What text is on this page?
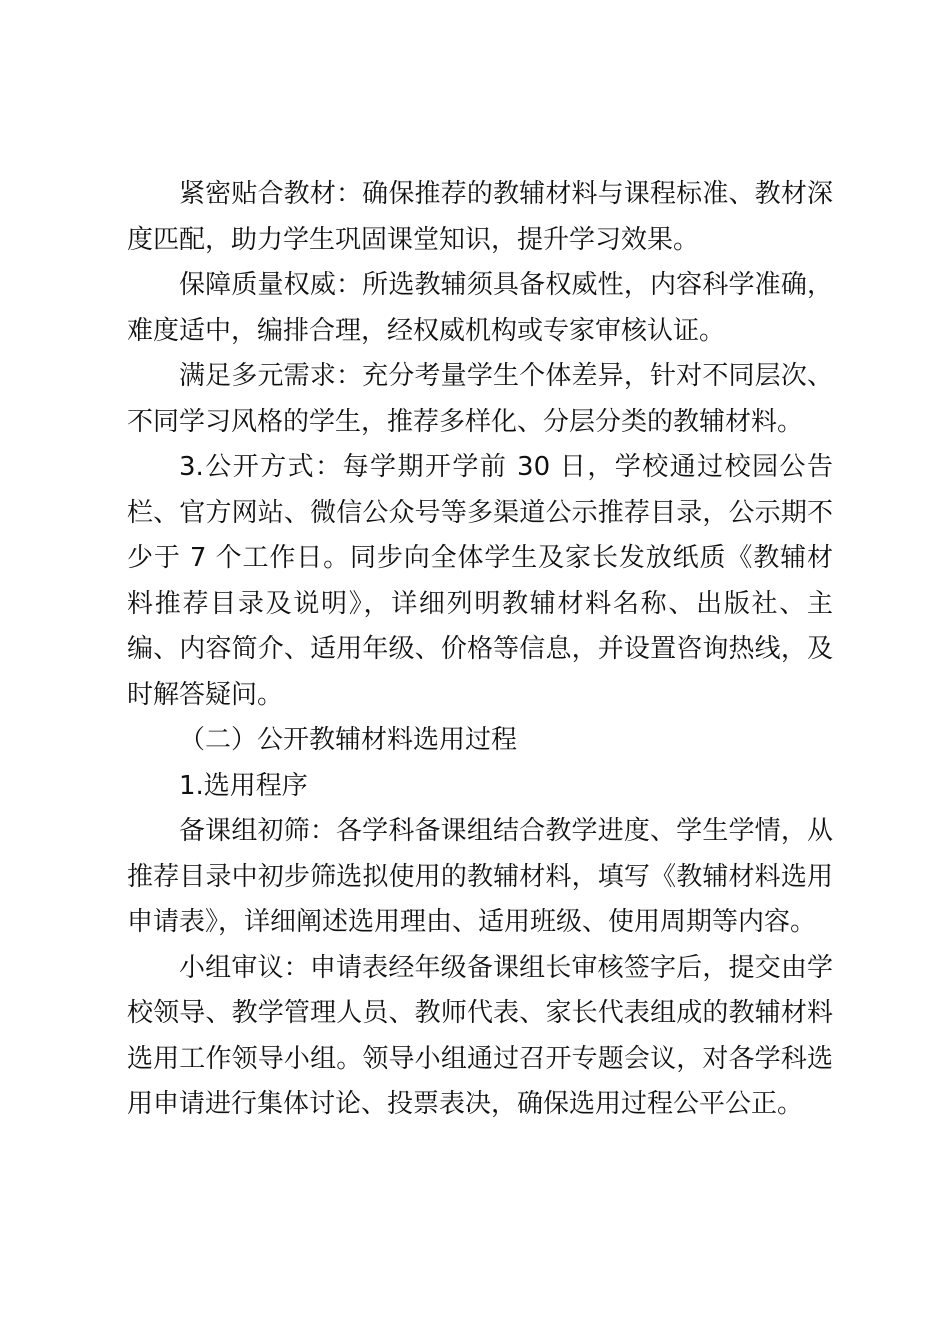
紧密贴合教材：确保推荐的教辅材料与课程标准、教材深度匹配，助力学生巩固课堂知识，提升学习效果。

保障质量权威：所选教辅须具备权威性，内容科学准确，难度适中，编排合理，经权威机构或专家审核认证。

满足多元需求：充分考量学生个体差异，针对不同层次、不同学习风格的学生，推荐多样化、分层分类的教辅材料。

3.公开方式：每学期开学前 30 日，学校通过校园公告栏、官方网站、微信公众号等多渠道公示推荐目录，公示期不少于 7 个工作日。同步向全体学生及家长发放纸质《教辅材料推荐目录及说明》，详细列明教辅材料名称、出版社、主编、内容简介、适用年级、价格等信息，并设置咨询热线，及时解答疑问。

（二）公开教辅材料选用过程

1.选用程序

备课组初筛：各学科备课组结合教学进度、学生学情，从推荐目录中初步筛选拟使用的教辅材料，填写《教辅材料选用申请表》，详细阐述选用理由、适用班级、使用周期等内容。

小组审议：申请表经年级备课组长审核签字后，提交由学校领导、教学管理人员、教师代表、家长代表组成的教辅材料选用工作领导小组。领导小组通过召开专题会议，对各学科选用申请进行集体讨论、投票表决，确保选用过程公平公正。
